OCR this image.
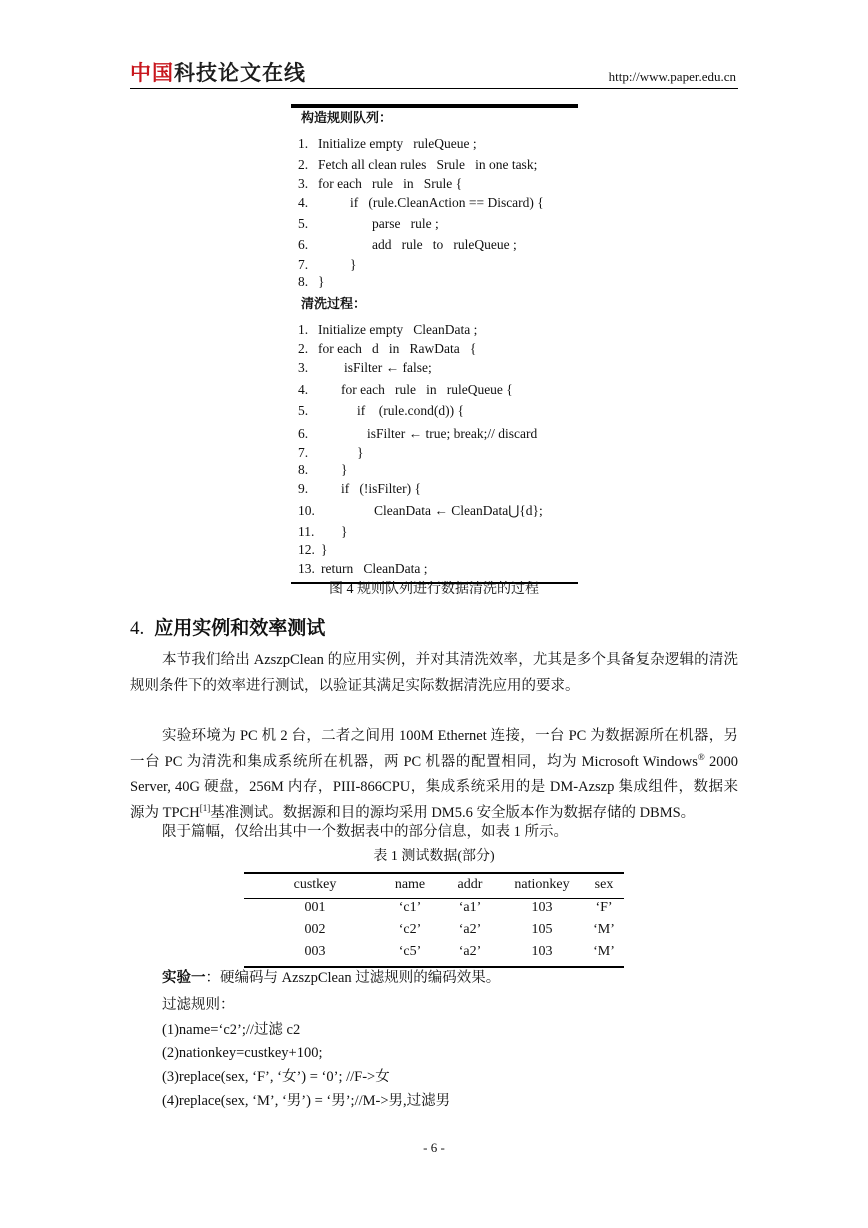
中国科技论文在线	http://www.paper.edu.cn
构造规则队列：
1. Initialize empty   ruleQueue ;
2. Fetch all clean rules   Srule   in one task;
3. for each   rule   in   Srule {
4.	if   (rule.CleanAction == Discard) {
5.	parse   rule ;
6.	add   rule   to   ruleQueue ;
7.	}
8. }
清洗过程：
1. Initialize empty   CleanData ;
2. for each   d   in   RawData   {
3.	isFilter ← false;
4. for each   rule   in   ruleQueue {
5.	if    (rule.cond(d)) {
6.	isFilter ← true; break;// discard
7.	}
8. }
9. if   (!isFilter) {
10.	CleanData ← CleanData⋃{d};
11. }
12. }
13. return   CleanData ;
图 4 规则队列进行数据清洗的过程
4. 应用实例和效率测试
本节我们给出 AzszpClean 的应用实例，并对其清洗效率，尤其是多个具备复杂逻辑的清洗规则条件下的效率进行测试，以验证其满足实际数据清洗应用的要求。
实验环境为 PC 机 2 台，二者之间用 100M Ethernet 连接，一台 PC 为数据源所在机器，另一台 PC 为清洗和集成系统所在机器，两 PC 机器的配置相同，均为 Microsoft Windows® 2000 Server, 40G 硬盘，256M 内存，PIII-866CPU，集成系统采用的是 DM-Azszp 集成组件，数据来源为 TPCH[1]基准测试。数据源和目的源均采用 DM5.6 安全版本作为数据存储的 DBMS。
限于篇幅，仅给出其中一个数据表中的部分信息，如表 1 所示。
表 1 测试数据(部分)
custkey	name	addr	nationkey	sex
001	‘c1’	‘a1’	103	‘F’
002	‘c2’	‘a2’	105	‘M’
003	‘c5’	‘a2’	103	‘M’
实验一：硬编码与 AzszpClean 过滤规则的编码效果。
过滤规则：
(1)name=‘c2’;//过滤 c2
(2)nationkey=custkey+100;
(3)replace(sex, ‘F’, ‘女’) = ‘0’; //F->女
(4)replace(sex, ‘M’, ‘男’) = ‘男’;//M->男,过滤男
- 6 -
